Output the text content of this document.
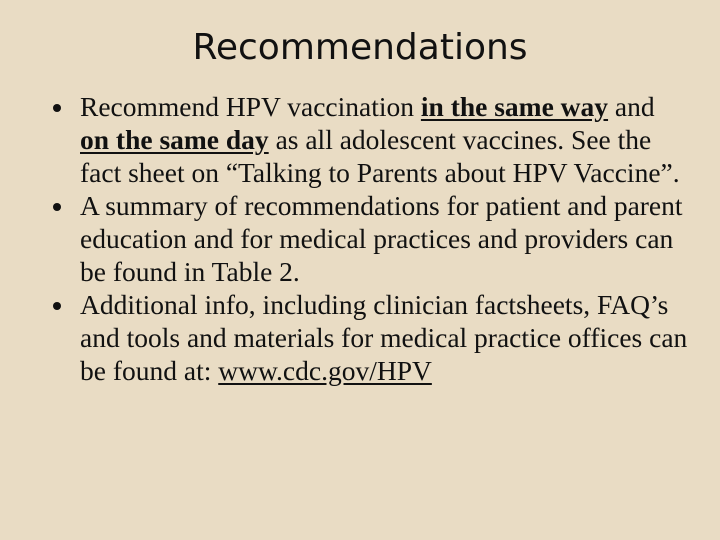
Recommendations
Recommend HPV vaccination in the same way and on the same day as all adolescent vaccines. See the fact sheet on “Talking to Parents about HPV Vaccine”.
A summary of recommendations for patient and parent education and for medical practices and providers can be found in Table 2.
Additional info, including clinician factsheets, FAQ’s and tools and materials for medical practice offices can be found at: www.cdc.gov/HPV
